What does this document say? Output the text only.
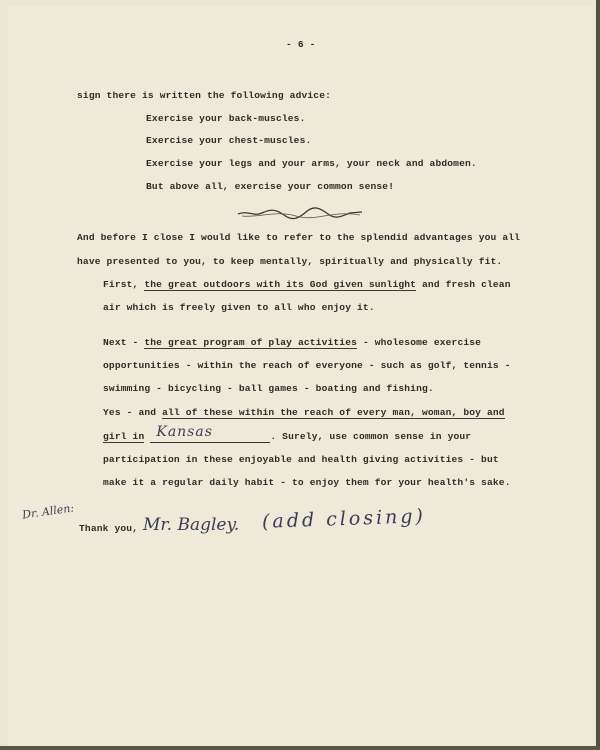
- 6 -
sign there is written the following advice:
Exercise your back-muscles.
Exercise your chest-muscles.
Exercise your legs and your arms, your neck and abdomen.
But above all, exercise your common sense!
And before I close I would like to refer to the splendid advantages you all
have presented to you, to keep mentally, spiritually and physically fit.
First, the great outdoors with its God given sunlight and fresh clean
air which is freely given to all who enjoy it.
Next - the great program of play activities - wholesome exercise
opportunities - within the reach of everyone - such as golf, tennis -
swimming - bicycling - ball games - boating and fishing.
Yes - and all of these within the reach of every man, woman, boy and
girl in Kansas	. Surely, use common sense in your
participation in these enjoyable and health giving activities - but
make it a regular daily habit - to enjoy them for your health's sake.
Dr. Allen:
Thank you, Mr. Bagley. (add closing)
